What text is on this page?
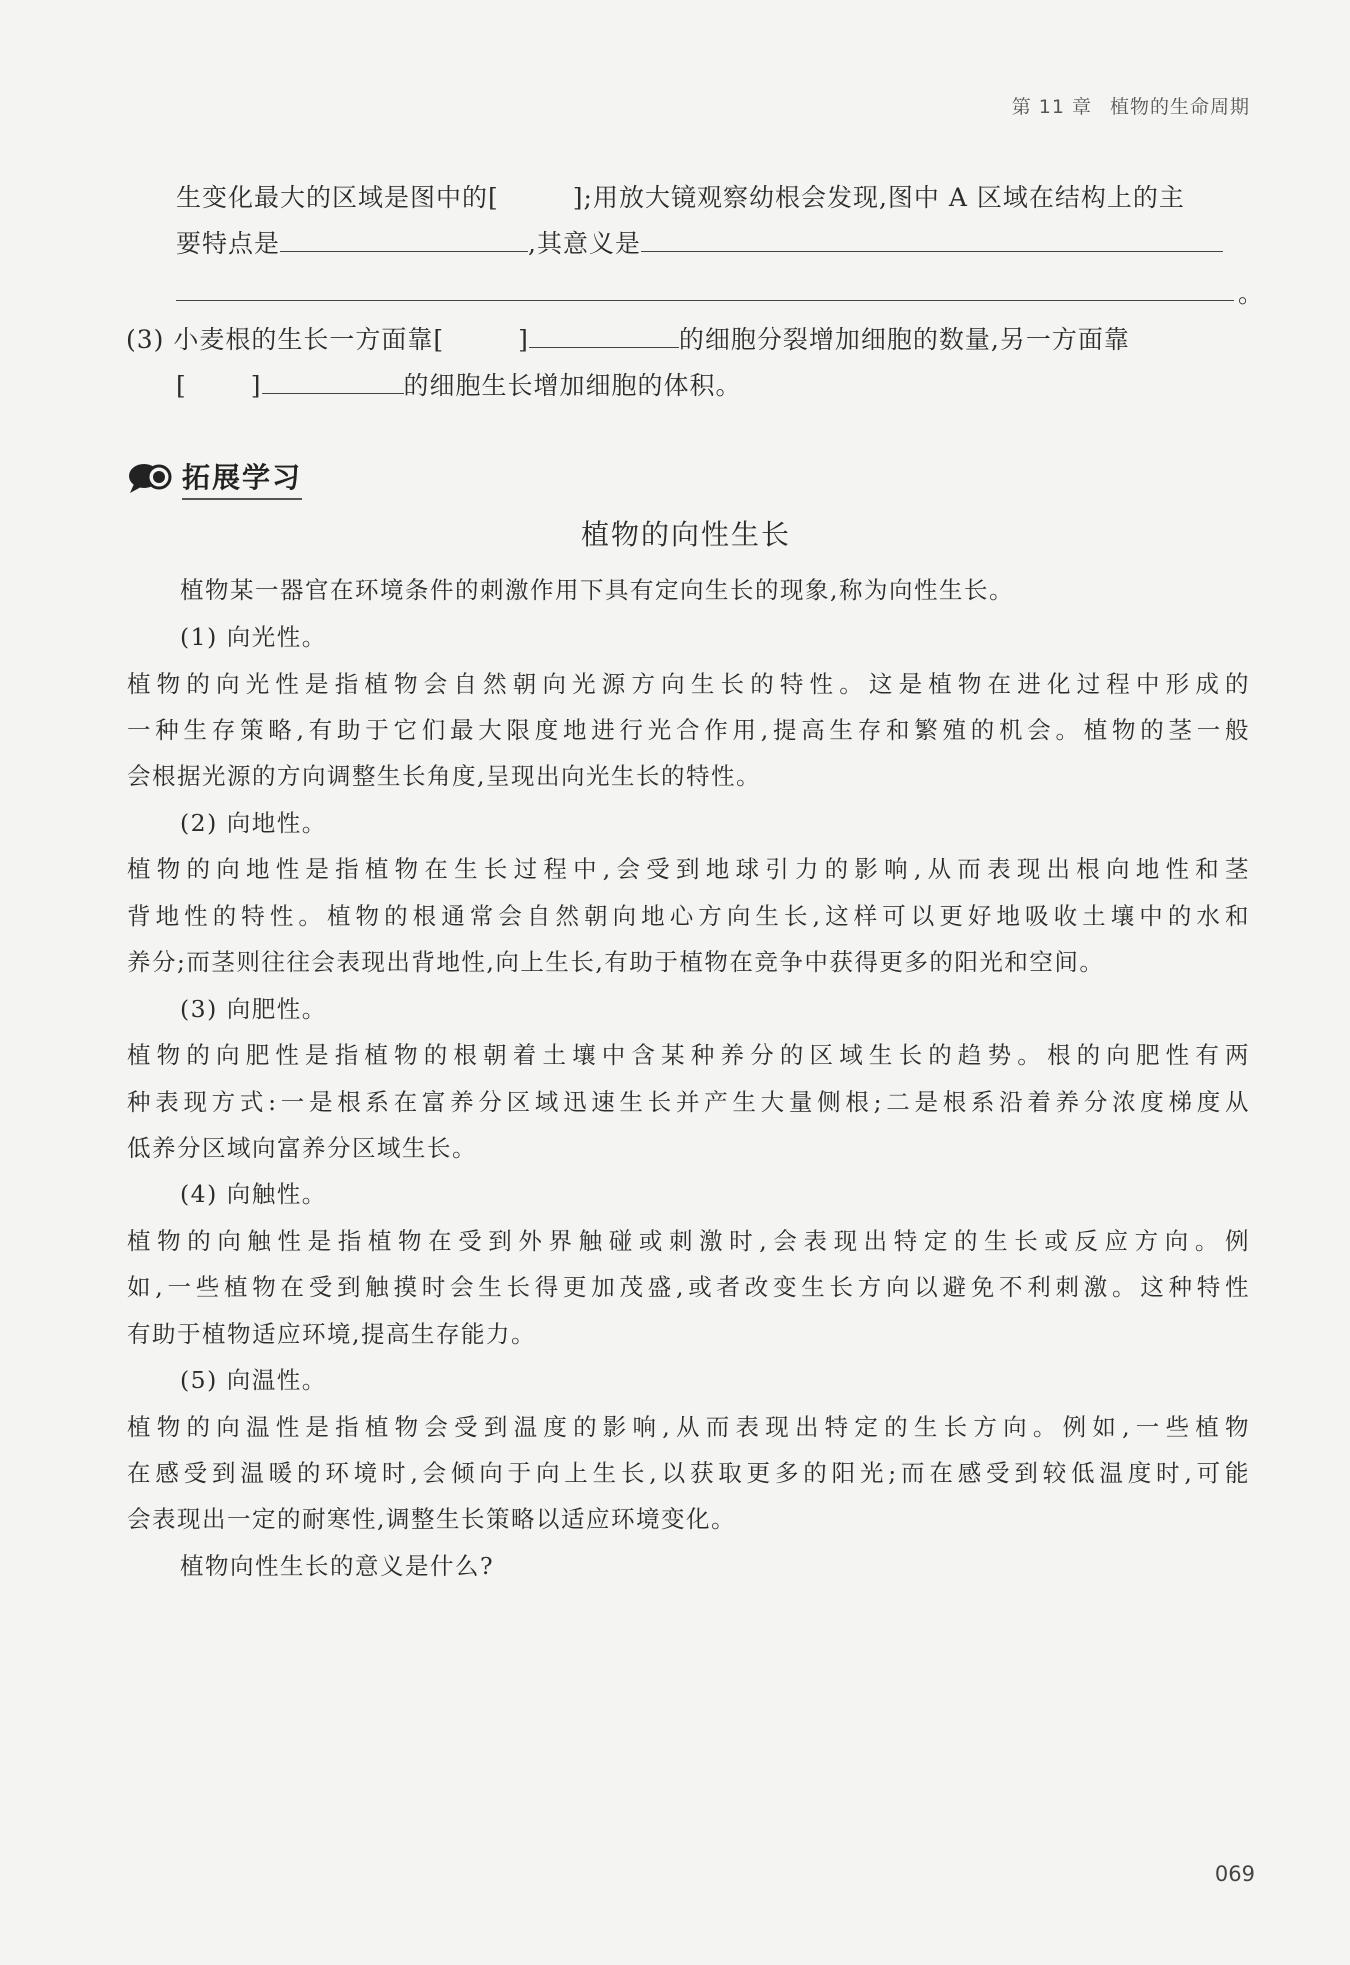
第 11 章 植物的生命周期
生变化最大的区域是图中的[	];用放大镜观察幼根会发现,图中 A 区域在结构上的主
要特点是	,其意义是
。
(3) 小麦根的生长一方面靠[	]	的细胞分裂增加细胞的数量,另一方面靠
[	]	的细胞生长增加细胞的体积。
拓展学习
植物的向性生长
植物某一器官在环境条件的刺激作用下具有定向生长的现象,称为向性生长。
(1) 向光性。
植物的向光性是指植物会自然朝向光源方向生长的特性。这是植物在进化过程中形成的
一种生存策略,有助于它们最大限度地进行光合作用,提高生存和繁殖的机会。植物的茎一般
会根据光源的方向调整生长角度,呈现出向光生长的特性。
(2) 向地性。
植物的向地性是指植物在生长过程中,会受到地球引力的影响,从而表现出根向地性和茎
背地性的特性。植物的根通常会自然朝向地心方向生长,这样可以更好地吸收土壤中的水和
养分;而茎则往往会表现出背地性,向上生长,有助于植物在竞争中获得更多的阳光和空间。
(3) 向肥性。
植物的向肥性是指植物的根朝着土壤中含某种养分的区域生长的趋势。根的向肥性有两
种表现方式:一是根系在富养分区域迅速生长并产生大量侧根;二是根系沿着养分浓度梯度从
低养分区域向富养分区域生长。
(4) 向触性。
植物的向触性是指植物在受到外界触碰或刺激时,会表现出特定的生长或反应方向。例
如,一些植物在受到触摸时会生长得更加茂盛,或者改变生长方向以避免不利刺激。这种特性
有助于植物适应环境,提高生存能力。
(5) 向温性。
植物的向温性是指植物会受到温度的影响,从而表现出特定的生长方向。例如,一些植物
在感受到温暖的环境时,会倾向于向上生长,以获取更多的阳光;而在感受到较低温度时,可能
会表现出一定的耐寒性,调整生长策略以适应环境变化。
植物向性生长的意义是什么?
069
